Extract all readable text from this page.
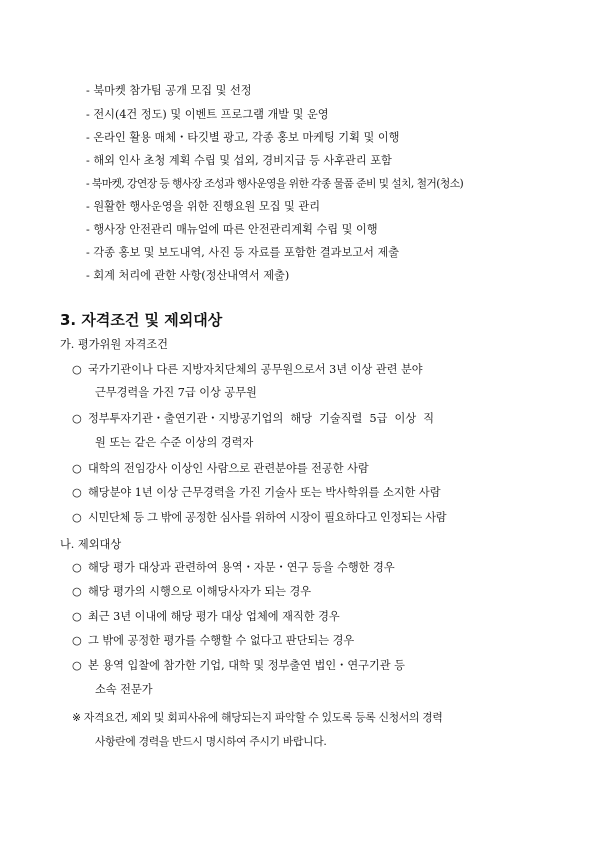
- 북마켓 참가팀 공개 모집 및 선정
- 전시(4건 정도) 및 이벤트 프로그램 개발 및 운영
- 온라인 활용 매체・타깃별 광고, 각종 홍보 마케팅 기획 및 이행
- 해외 인사 초청 계획 수립 및 섭외, 경비지급 등 사후관리 포함
- 북마켓, 강연장 등 행사장 조성과 행사운영을 위한 각종 물품 준비 및 설치, 철거(청소)
- 원활한 행사운영을 위한 진행요원 모집 및 관리
- 행사장 안전관리 매뉴얼에 따른 안전관리계획 수립 및 이행
- 각종 홍보 및 보도내역, 사진 등 자료를 포함한 결과보고서 제출
- 회계 처리에 관한 사항(정산내역서 제출)
3. 자격조건 및 제외대상
가. 평가위원 자격조건
○ 국가기관이나 다른 지방자치단체의 공무원으로서 3년 이상 관련 분야
근무경력을 가진 7급 이상 공무원
○ 정부투자기관・출연기관・지방공기업의  해당  기술직렬  5급  이상  직
원 또는 같은 수준 이상의 경력자
○ 대학의 전임강사 이상인 사람으로 관련분야를 전공한 사람
○ 해당분야 1년 이상 근무경력을 가진 기술사 또는 박사학위를 소지한 사람
○ 시민단체 등 그 밖에 공정한 심사를 위하여 시장이 필요하다고 인정되는 사람
나. 제외대상
○ 해당 평가 대상과 관련하여 용역・자문・연구 등을 수행한 경우
○ 해당 평가의 시행으로 이해당사자가 되는 경우
○ 최근 3년 이내에 해당 평가 대상 업체에 재직한 경우
○ 그 밖에 공정한 평가를 수행할 수 없다고 판단되는 경우
○ 본 용역 입찰에 참가한 기업, 대학 및 정부출연 법인・연구기관 등
소속 전문가
※ 자격요건, 제외 및 회피사유에 해당되는지 파악할 수 있도록 등록 신청서의 경력
사항란에 경력을 반드시 명시하여 주시기 바랍니다.
